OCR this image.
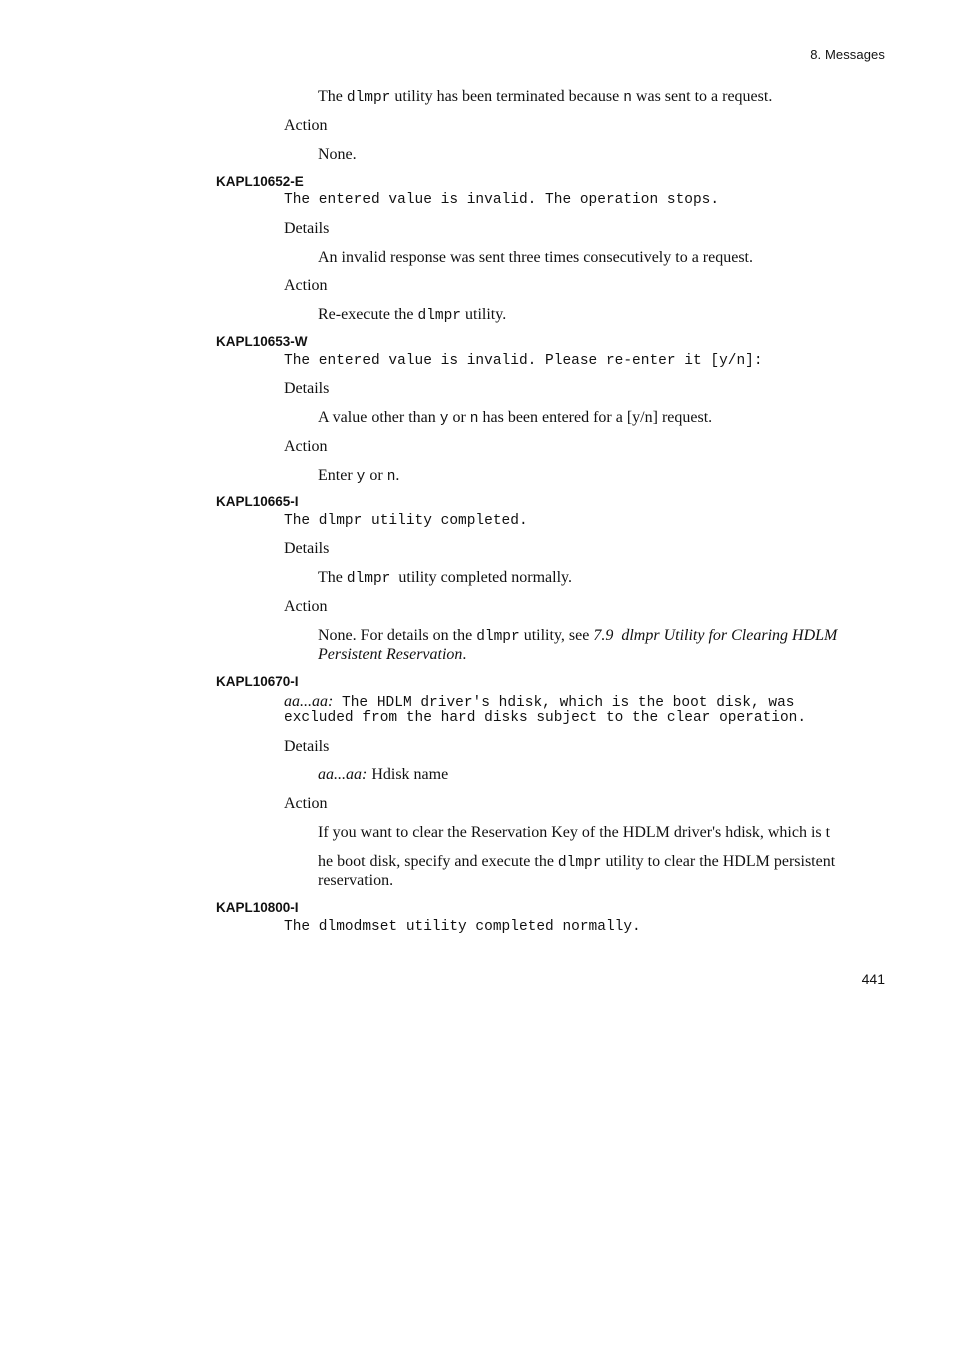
8. Messages
The dlmpr utility has been terminated because n was sent to a request.
Action
None.
KAPL10652-E
The entered value is invalid. The operation stops.
Details
An invalid response was sent three times consecutively to a request.
Action
Re-execute the dlmpr utility.
KAPL10653-W
The entered value is invalid. Please re-enter it [y/n]:
Details
A value other than y or n has been entered for a [y/n] request.
Action
Enter y or n.
KAPL10665-I
The dlmpr utility completed.
Details
The dlmpr  utility completed normally.
Action
None. For details on the dlmpr utility, see 7.9  dlmpr Utility for Clearing HDLM
Persistent Reservation.
KAPL10670-I
aa...aa: The HDLM driver's hdisk, which is the boot disk, was
excluded from the hard disks subject to the clear operation.
Details
aa...aa: Hdisk name
Action
If you want to clear the Reservation Key of the HDLM driver's hdisk, which is t
he boot disk, specify and execute the dlmpr utility to clear the HDLM persistent
reservation.
KAPL10800-I
The dlmodmset utility completed normally.
441
